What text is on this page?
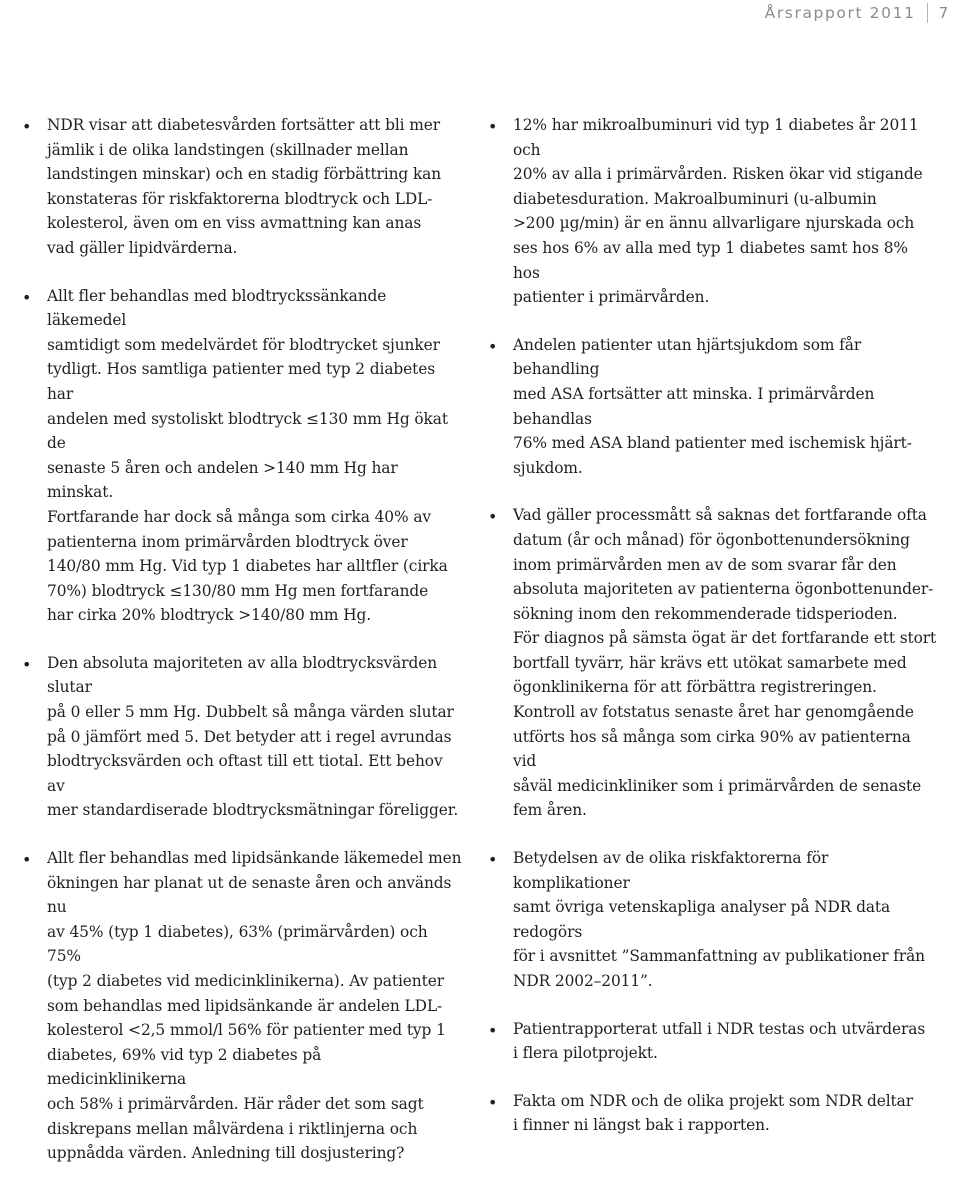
Årsrapport 2011 7
• NDR visar att diabetesvården fortsätter att bli mer
jämlik i de olika landstingen (skillnader mellan
landstingen minskar) och en stadig förbättring kan
konstateras för riskfaktorerna blodtryck och LDL-
kolesterol, även om en viss avmattning kan anas
vad gäller lipidvärderna.

• Allt fler behandlas med blodtryckssänkande läkemedel
samtidigt som medelvärdet för blodtrycket sjunker
tydligt. Hos samtliga patienter med typ 2 diabetes har
andelen med systoliskt blodtryck ≤130 mm Hg ökat de
senaste 5 åren och andelen >140 mm Hg har minskat.
Fortfarande har dock så många som cirka 40% av
patienterna inom primärvården blodtryck över
140/80 mm Hg. Vid typ 1 diabetes har alltfler (cirka
70%) blodtryck ≤130/80 mm Hg men fortfarande
har cirka 20% blodtryck >140/80 mm Hg.

• Den absoluta majoriteten av alla blodtrycksvärden slutar
på 0 eller 5 mm Hg. Dubbelt så många värden slutar
på 0 jämfört med 5. Det betyder att i regel avrundas
blodtrycksvärden och oftast till ett tiotal. Ett behov av
mer standardiserade blodtrycksmätningar föreligger.

• Allt fler behandlas med lipidsänkande läkemedel men
ökningen har planat ut de senaste åren och används nu
av 45% (typ 1 diabetes), 63% (primärvården) och 75%
(typ 2 diabetes vid medicinklinikerna). Av patienter
som behandlas med lipidsänkande är andelen LDL-
kolesterol <2,5 mmol/l 56% för patienter med typ 1
diabetes, 69% vid typ 2 diabetes på medicinklinikerna
och 58% i primärvården. Här råder det som sagt
diskrepans mellan målvärdena i riktlinjerna och
uppnådda värden. Anledning till dosjustering?

• 12% har mikroalbuminuri vid typ 1 diabetes år 2011 och
20% av alla i primärvården. Risken ökar vid stigande
diabetesduration. Makroalbuminuri (u-albumin
>200 µg/min) är en ännu allvarligare njurskada och
ses hos 6% av alla med typ 1 diabetes samt hos 8% hos
patienter i primärvården.

• Andelen patienter utan hjärtsjukdom som får behandling
med ASA fortsätter att minska. I primärvården behandlas
76% med ASA bland patienter med ischemisk hjärt-
sjukdom.

• Vad gäller processmått så saknas det fortfarande ofta
datum (år och månad) för ögonbottenundersökning
inom primärvården men av de som svarar får den
absoluta majoriteten av patienterna ögonbottenunder-
sökning inom den rekommenderade tidsperioden.
För diagnos på sämsta ögat är det fortfarande ett stort
bortfall tyvärr, här krävs ett utökat samarbete med
ögonklinikerna för att förbättra registreringen.
Kontroll av fotstatus senaste året har genomgående
utförts hos så många som cirka 90% av patienterna vid
såväl medicinkliniker som i primärvården de senaste
fem åren.

• Betydelsen av de olika riskfaktorerna för komplikationer
samt övriga vetenskapliga analyser på NDR data redogörs
för i avsnittet ”Sammanfattning av publikationer från
NDR 2002–2011”.

• Patientrapporterat utfall i NDR testas och utvärderas
i flera pilotprojekt.

• Fakta om NDR och de olika projekt som NDR deltar
i finner ni längst bak i rapporten.
